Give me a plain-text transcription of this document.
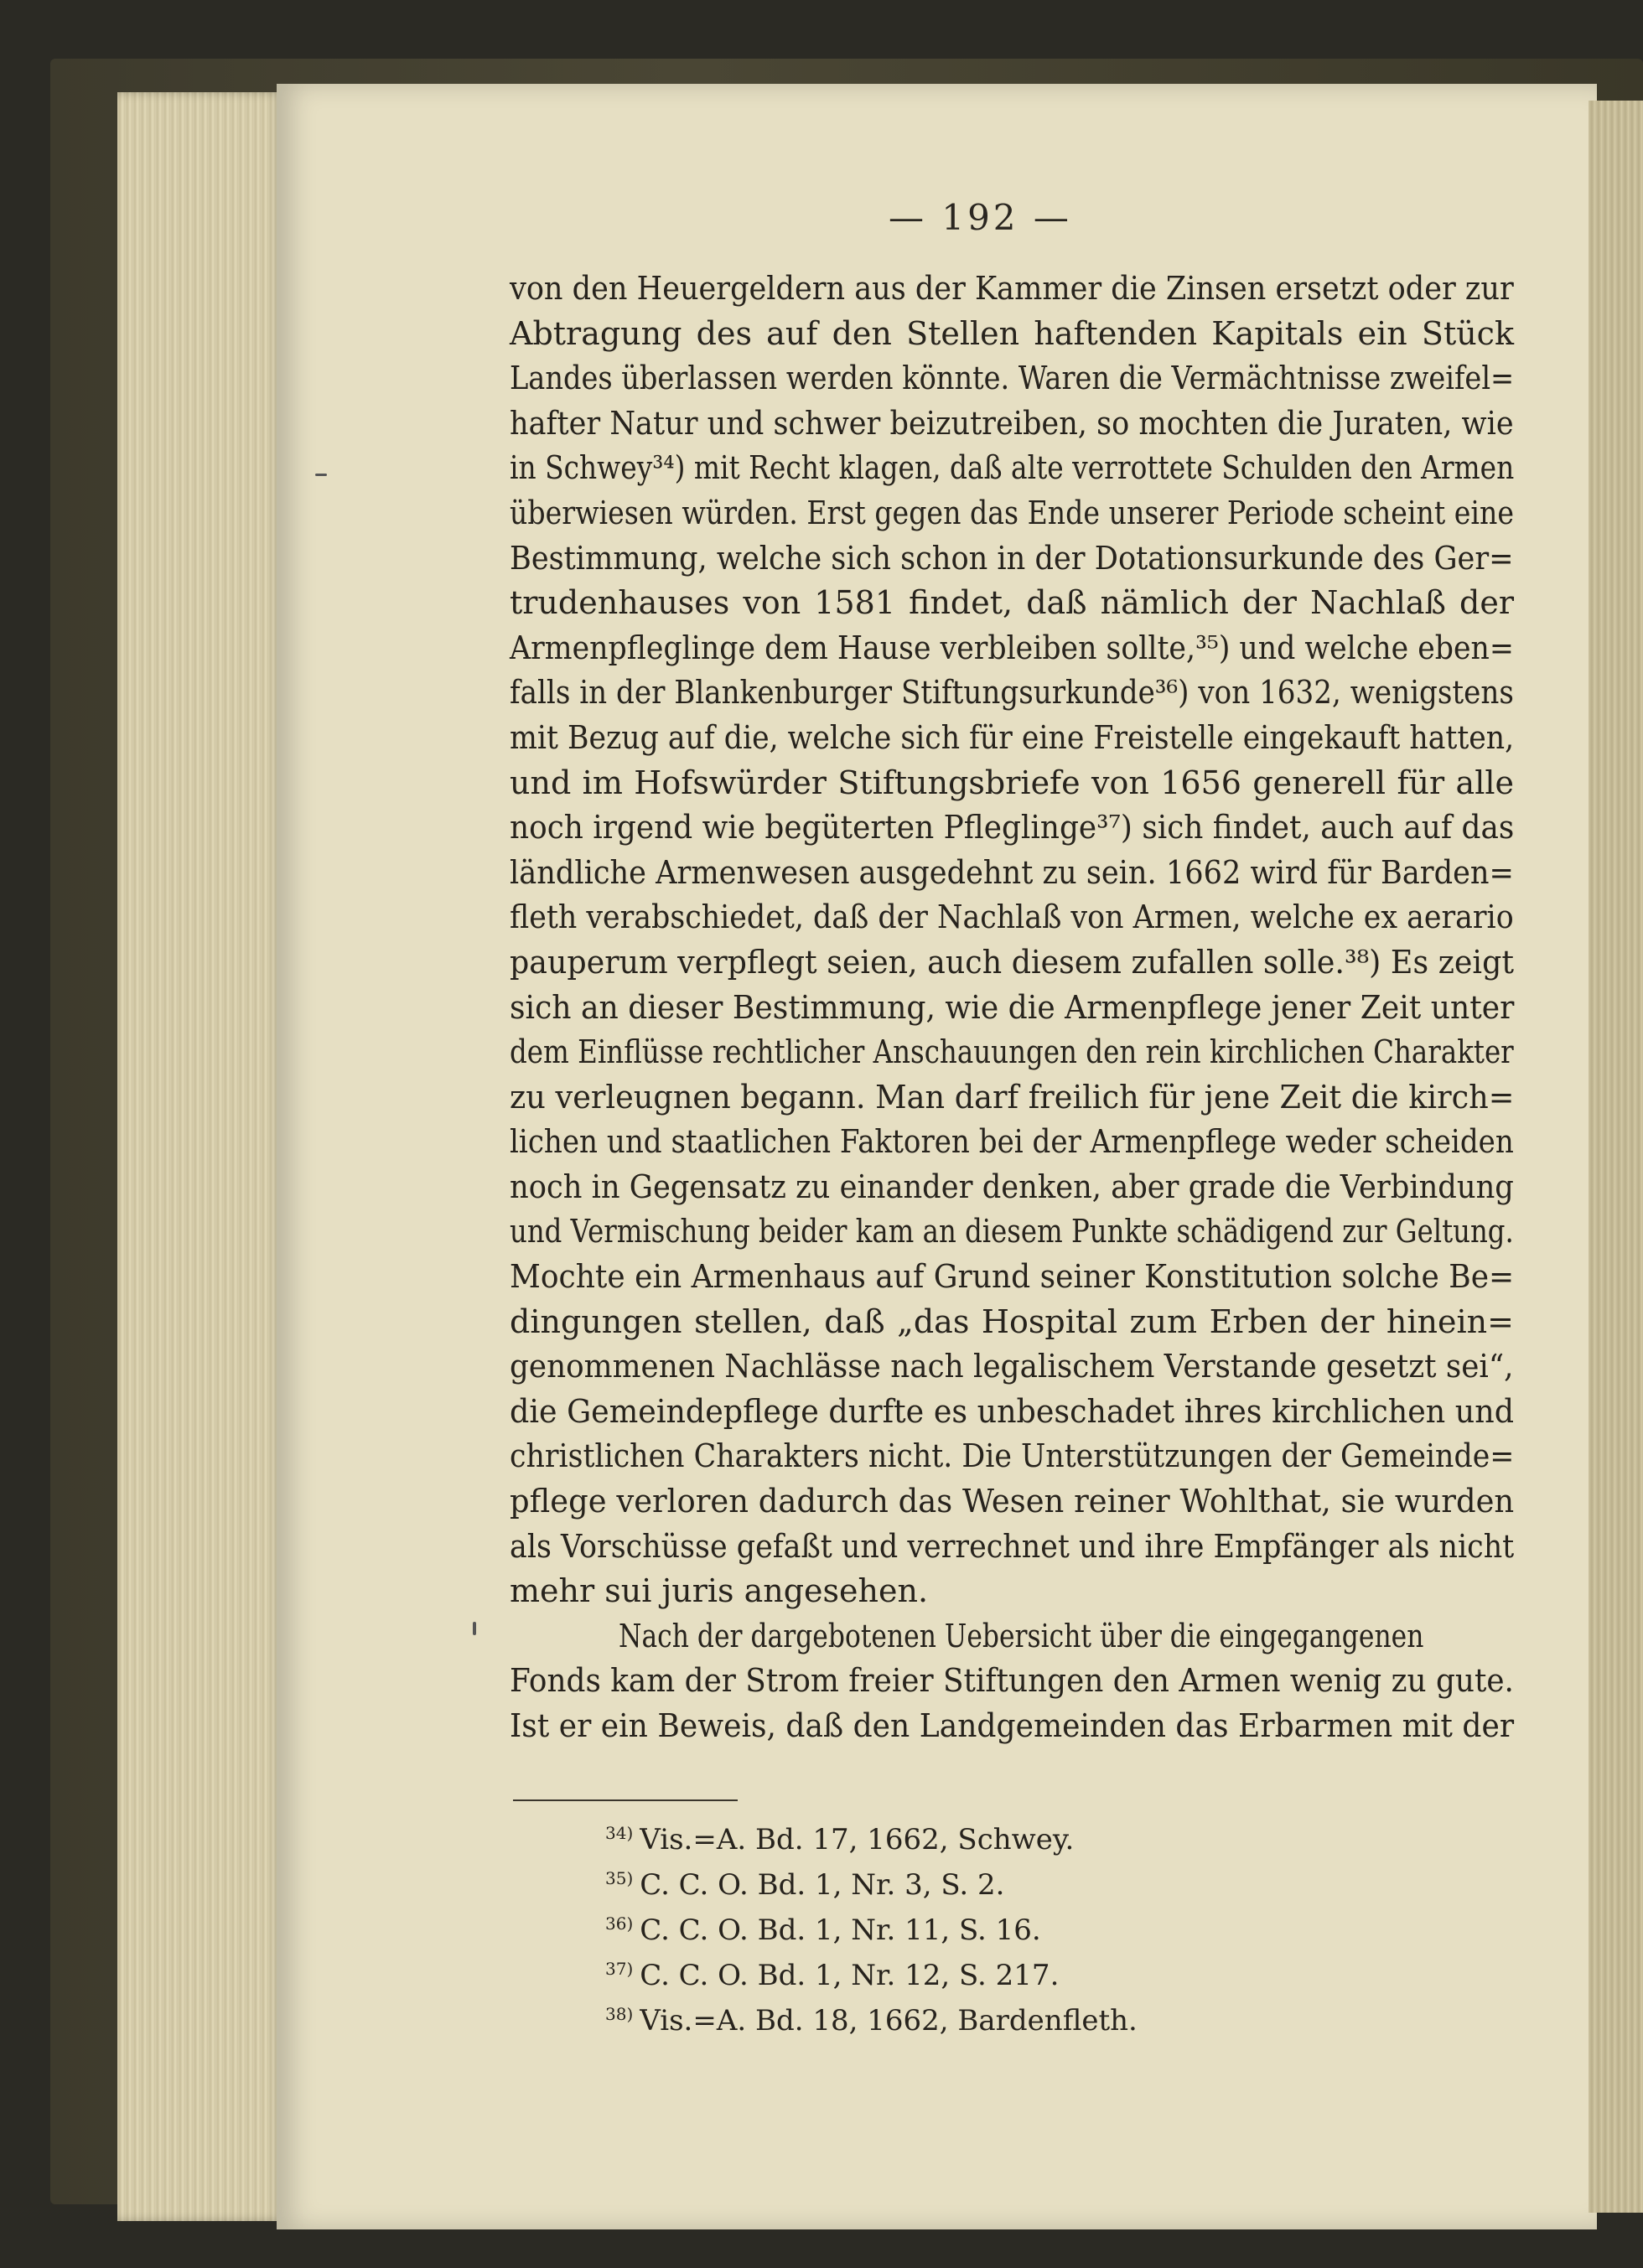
— 192 —
von den Heuergeldern aus der Kammer die Zinsen ersetzt oder zur
Abtragung des auf den Stellen haftenden Kapitals ein Stück
Landes überlassen werden könnte. Waren die Vermächtnisse zweifel=
hafter Natur und schwer beizutreiben, so mochten die Juraten, wie
in Schwey³⁴) mit Recht klagen, daß alte verrottete Schulden den Armen
überwiesen würden. Erst gegen das Ende unserer Periode scheint eine
Bestimmung, welche sich schon in der Dotationsurkunde des Ger=
trudenhauses von 1581 findet, daß nämlich der Nachlaß der
Armenpfleglinge dem Hause verbleiben sollte,³⁵) und welche eben=
falls in der Blankenburger Stiftungsurkunde³⁶) von 1632, wenigstens
mit Bezug auf die, welche sich für eine Freistelle eingekauft hatten,
und im Hofswürder Stiftungsbriefe von 1656 generell für alle
noch irgend wie begüterten Pfleglinge³⁷) sich findet, auch auf das
ländliche Armenwesen ausgedehnt zu sein. 1662 wird für Barden=
fleth verabschiedet, daß der Nachlaß von Armen, welche ex aerario
pauperum verpflegt seien, auch diesem zufallen solle.³⁸) Es zeigt
sich an dieser Bestimmung, wie die Armenpflege jener Zeit unter
dem Einflüsse rechtlicher Anschauungen den rein kirchlichen Charakter
zu verleugnen begann. Man darf freilich für jene Zeit die kirch=
lichen und staatlichen Faktoren bei der Armenpflege weder scheiden
noch in Gegensatz zu einander denken, aber grade die Verbindung
und Vermischung beider kam an diesem Punkte schädigend zur Geltung.
Mochte ein Armenhaus auf Grund seiner Konstitution solche Be=
dingungen stellen, daß „das Hospital zum Erben der hinein=
genommenen Nachlässe nach legalischem Verstande gesetzt sei“,
die Gemeindepflege durfte es unbeschadet ihres kirchlichen und
christlichen Charakters nicht. Die Unterstützungen der Gemeinde=
pflege verloren dadurch das Wesen reiner Wohlthat, sie wurden
als Vorschüsse gefaßt und verrechnet und ihre Empfänger als nicht
mehr sui juris angesehen.
Nach der dargebotenen Uebersicht über die eingegangenen
Fonds kam der Strom freier Stiftungen den Armen wenig zu gute.
Ist er ein Beweis, daß den Landgemeinden das Erbarmen mit der
$^{34)}$ Vis.=A. Bd. 17, 1662, Schwey.
$^{35)}$ C. C. O. Bd. 1, Nr. 3, S. 2.
$^{36)}$ C. C. O. Bd. 1, Nr. 11, S. 16.
$^{37)}$ C. C. O. Bd. 1, Nr. 12, S. 217.
$^{38)}$ Vis.=A. Bd. 18, 1662, Bardenfleth.
